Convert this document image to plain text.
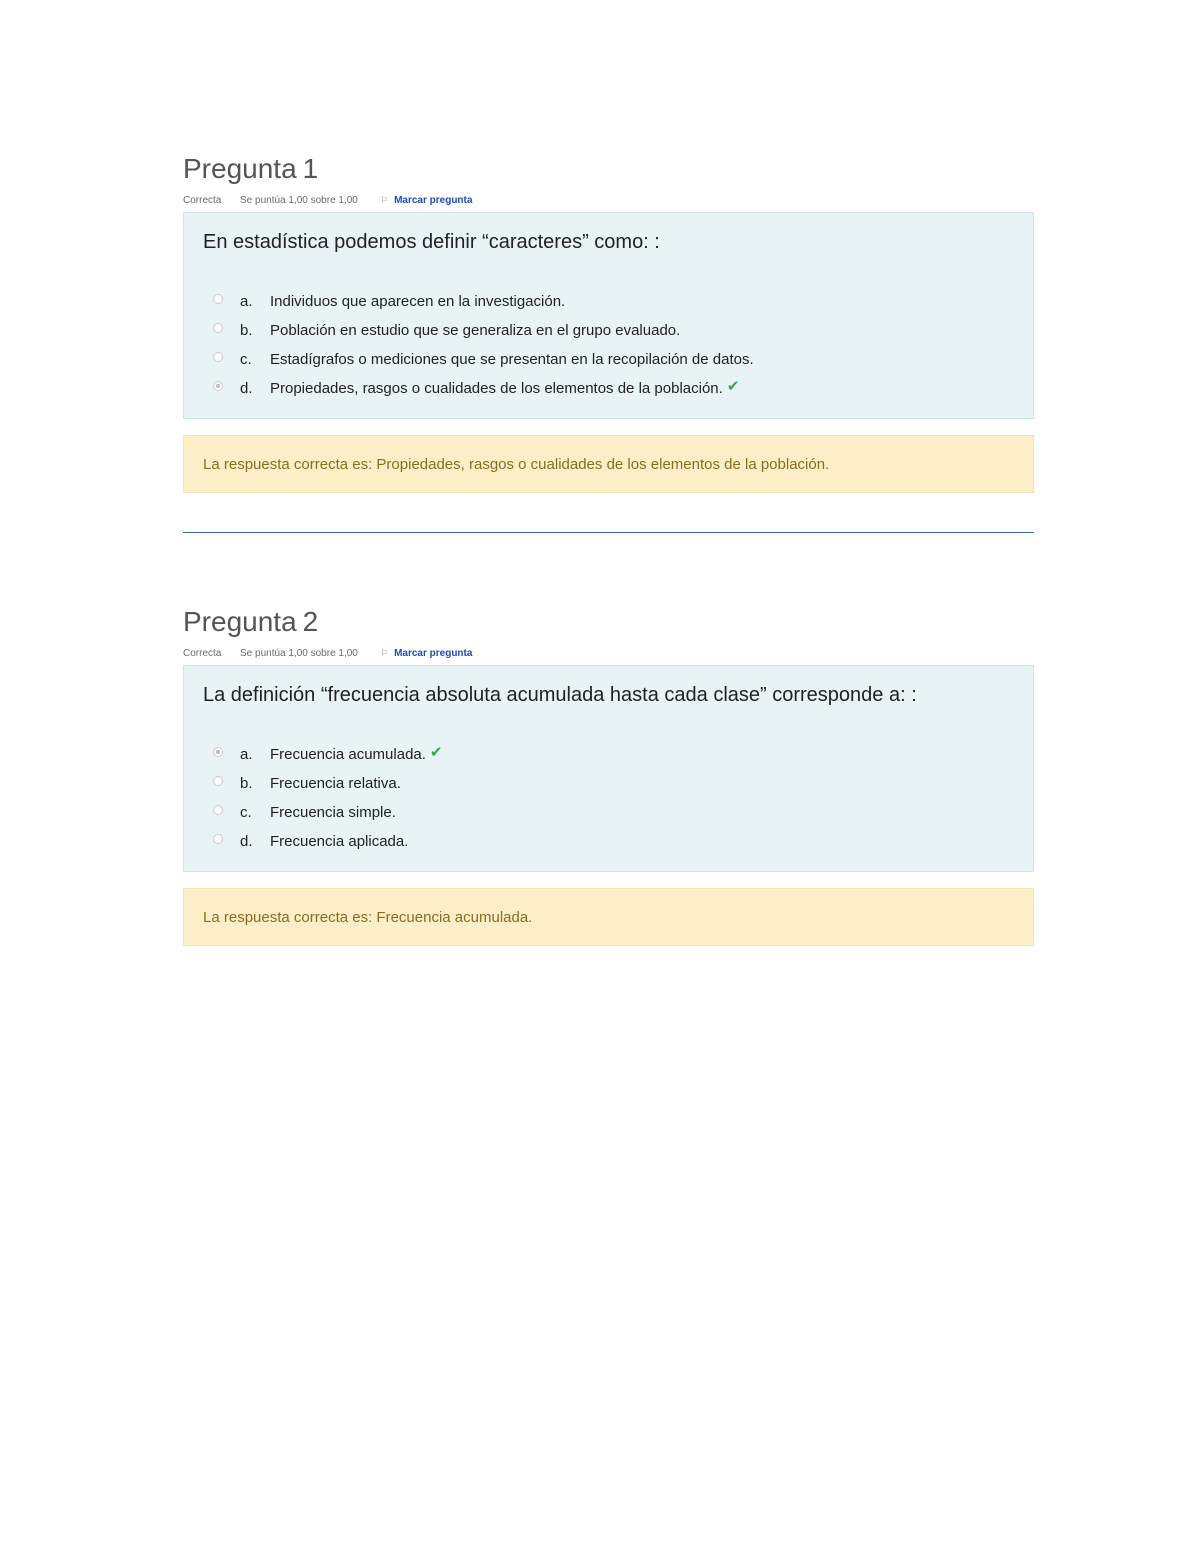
Pregunta 1
Correcta	Se puntúa 1,00 sobre 1,00	⚐ Marcar pregunta
En estadística podemos definir “caracteres” como: :
a.	Individuos que aparecen en la investigación.
b.	Población en estudio que se generaliza en el grupo evaluado.
c.	Estadígrafos o mediciones que se presentan en la recopilación de datos.
d.	Propiedades, rasgos o cualidades de los elementos de la población. ✔
La respuesta correcta es: Propiedades, rasgos o cualidades de los elementos de la población.
Pregunta 2
Correcta	Se puntúa 1,00 sobre 1,00	⚐ Marcar pregunta
La definición “frecuencia absoluta acumulada hasta cada clase” corresponde a: :
a.	Frecuencia acumulada. ✔
b.	Frecuencia relativa.
c.	Frecuencia simple.
d.	Frecuencia aplicada.
La respuesta correcta es: Frecuencia acumulada.
